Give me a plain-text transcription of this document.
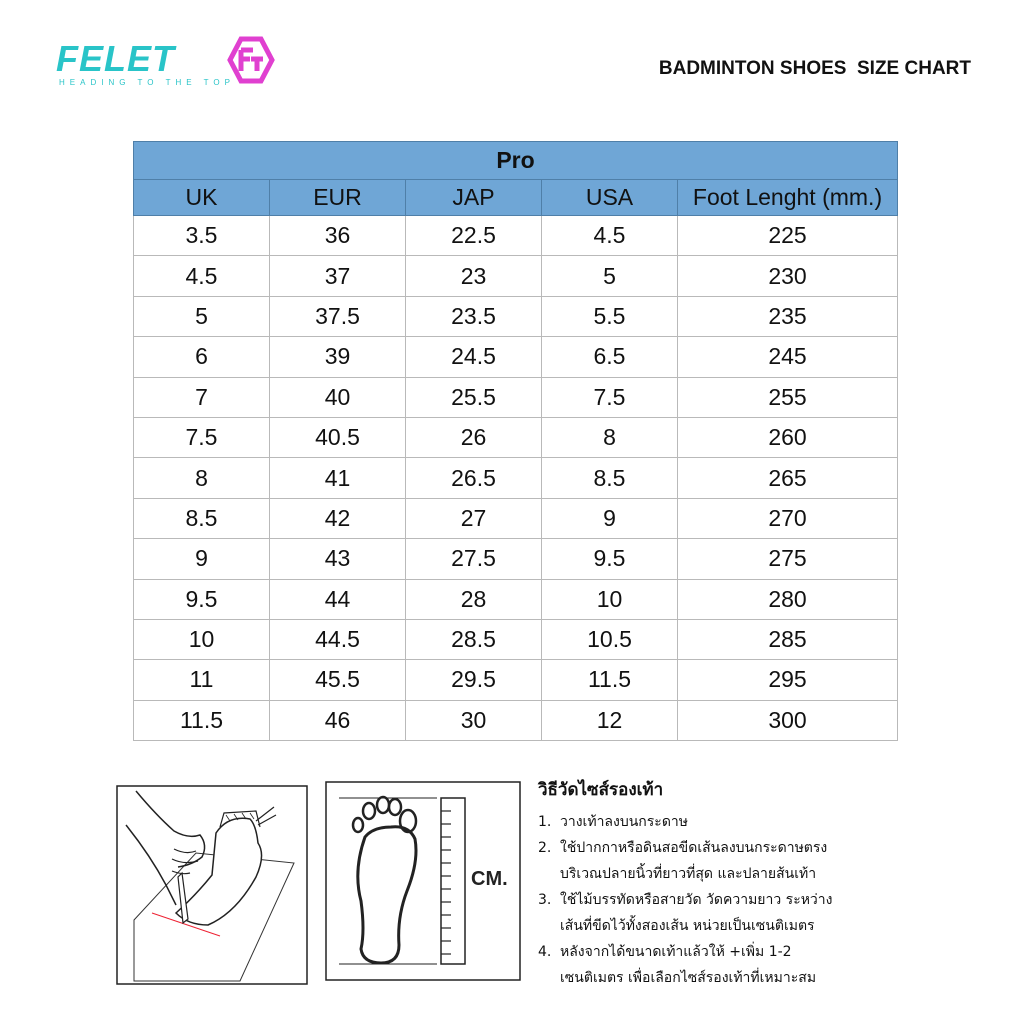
FELET
HEADING TO THE TOP
BADMINTON SHOES  SIZE CHART
Pro				
UK	EUR	JAP	USA	Foot Lenght (mm.)
3.5	36	22.5	4.5	225
4.5	37	23	5	230
5	37.5	23.5	5.5	235
6	39	24.5	6.5	245
7	40	25.5	7.5	255
7.5	40.5	26	8	260
8	41	26.5	8.5	265
8.5	42	27	9	270
9	43	27.5	9.5	275
9.5	44	28	10	280
10	44.5	28.5	10.5	285
11	45.5	29.5	11.5	295
11.5	46	30	12	300
CM.
วิธีวัดไซส์รองเท้า
1. วางเท้าลงบนกระดาษ
2. ใช้ปากกาหรือดินสอขีดเส้นลงบนกระดาษตรง
บริเวณปลายนิ้วที่ยาวที่สุด และปลายส้นเท้า
3. ใช้ไม้บรรทัดหรือสายวัด วัดความยาว ระหว่าง
เส้นที่ขีดไว้ทั้งสองเส้น หน่วยเป็นเซนติเมตร
4. หลังจากได้ขนาดเท้าแล้วให้ +เพิ่ม 1-2
เซนติเมตร เพื่อเลือกไซส์รองเท้าที่เหมาะสม
